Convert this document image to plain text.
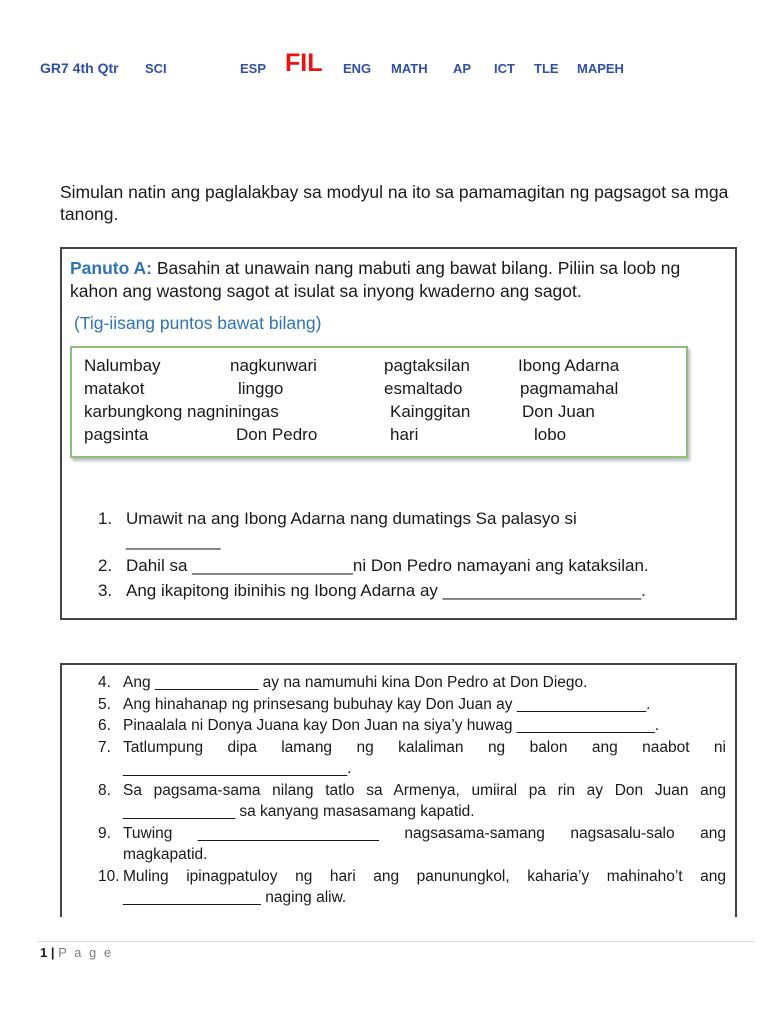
GR7 4th Qtr SCI	ESP FIL ENG MATH AP ICT TLE MAPEH
Simulan natin ang paglalakbay sa modyul na ito sa pamamagitan ng pagsagot sa mga tanong.
Panuto A: Basahin at unawain nang mabuti ang bawat bilang. Piliin sa loob ng kahon ang wastong sagot at isulat sa inyong kwaderno ang sagot.
(Tig-iisang puntos bawat bilang)
Nalumbay	nagkunwari	pagtaksilan	Ibong Adarna
matakot	linggo	esmaltado	pagmamahal
karbungkong nagniningas	Kainggitan	Don Juan
pagsinta	Don Pedro	hari	lobo
1. Umawit na ang Ibong Adarna nang dumatings Sa palasyo si
__________
2. Dahil sa _________________ni Don Pedro namayani ang kataksilan.
3. Ang ikapitong ibinihis ng Ibong Adarna ay _____________________.
4. Ang ____________ ay na namumuhi kina Don Pedro at Don Diego.
5. Ang hinahanap ng prinsesang bubuhay kay Don Juan ay _______________.
6. Pinaalala ni Donya Juana kay Don Juan na siya’y huwag ________________.
7. Tatlumpung dipa lamang ng kalaliman ng balon ang naabot ni
__________________________.
8. Sa pagsama-sama nilang tatlo sa Armenya, umiiral pa rin ay Don Juan ang
_____________ sa kanyang masasamang kapatid.
9. Tuwing _____________________ nagsasama-samang nagsasalu-salo ang
magkapatid.
10. Muling ipinagpatuloy ng hari ang panunungkol, kaharia’y mahinaho’t ang
________________ naging aliw.
1 | P a g e
